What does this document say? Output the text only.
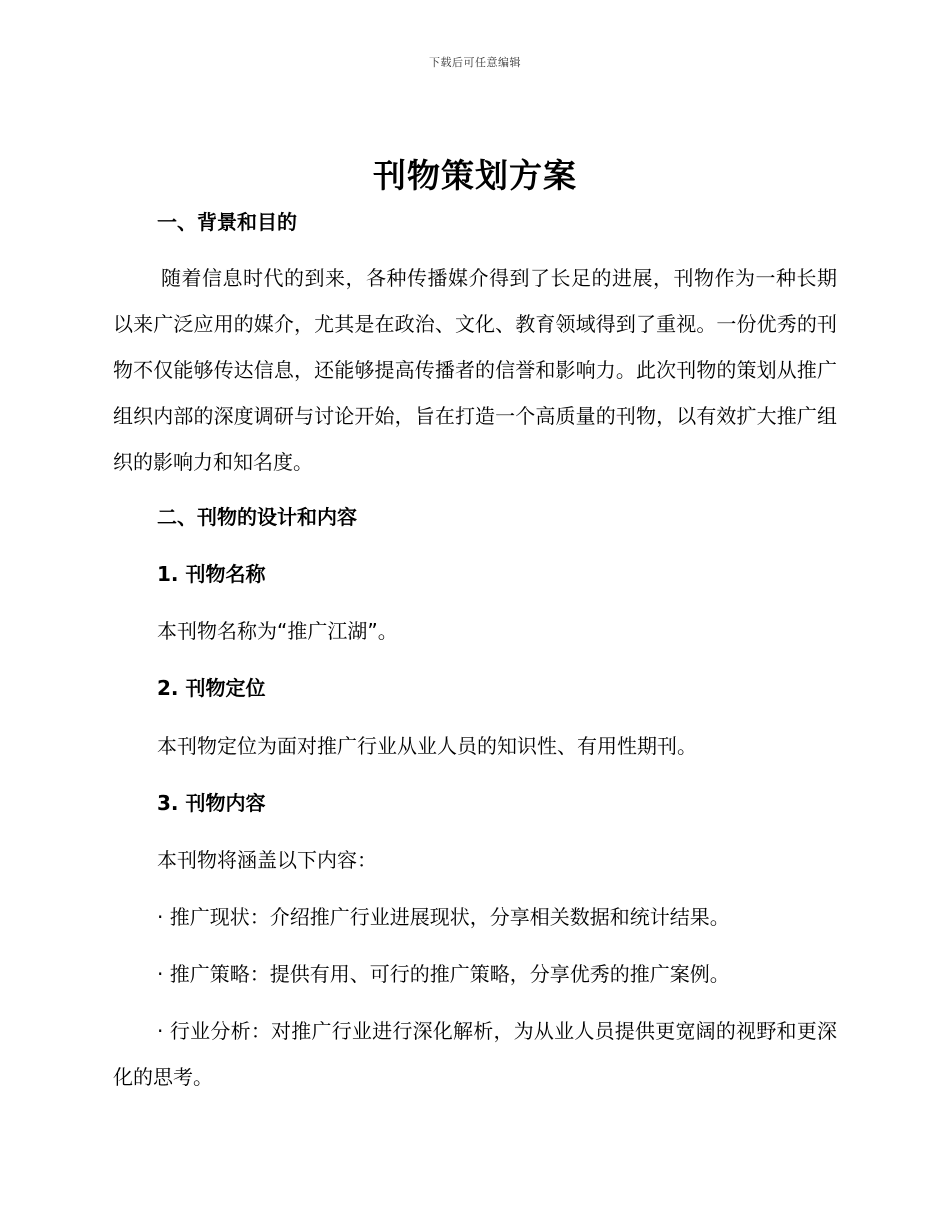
下载后可任意编辑
刊物策划方案
一、背景和目的
随着信息时代的到来，各种传播媒介得到了长足的进展，刊物作为一种长期以来广泛应用的媒介，尤其是在政治、文化、教育领域得到了重视。一份优秀的刊物不仅能够传达信息，还能够提高传播者的信誉和影响力。此次刊物的策划从推广组织内部的深度调研与讨论开始，旨在打造一个高质量的刊物，以有效扩大推广组织的影响力和知名度。
二、刊物的设计和内容
1. 刊物名称
本刊物名称为“推广江湖”。
2. 刊物定位
本刊物定位为面对推广行业从业人员的知识性、有用性期刊。
3. 刊物内容
本刊物将涵盖以下内容：
· 推广现状：介绍推广行业进展现状，分享相关数据和统计结果。
· 推广策略：提供有用、可行的推广策略，分享优秀的推广案例。
· 行业分析：对推广行业进行深化解析，为从业人员提供更宽阔的视野和更深化的思考。
